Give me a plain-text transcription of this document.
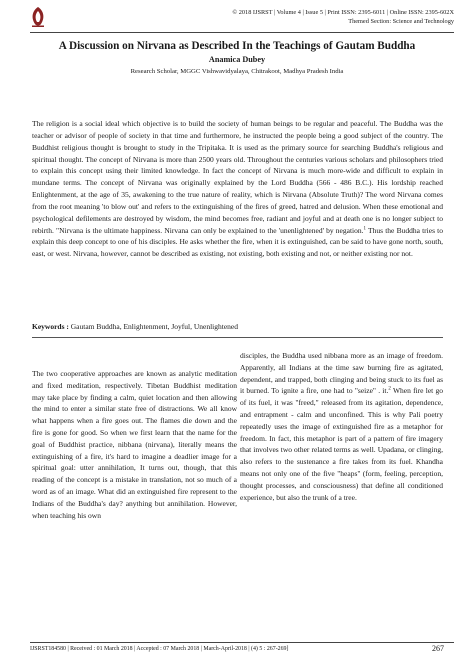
© 2018 IJSRST | Volume 4 | Issue 5 | Print ISSN: 2395-6011 | Online ISSN: 2395-602X
Themed Section: Science and Technology
A Discussion on Nirvana as Described In the Teachings of Gautam Buddha
Anamica Dubey
Research Scholar, MGGC Vishwavidyalaya, Chitrakoot, Madhya Pradesh India
The religion is a social ideal which objective is to build the society of human beings to be regular and peaceful. The Buddha was the teacher or advisor of people of society in that time and furthermore, he instructed the people being a good subject of the country. The Buddhist religious thought is brought to study in the Tripitaka. It is used as the primary source for searching Buddha's religious and spiritual thought. The concept of Nirvana is more than 2500 years old. Throughout the centuries various scholars and philosophers tried to explain this concept using their limited knowledge. In fact the concept of Nirvana is much more-wide and difficult to explain in mundane terms. The concept of Nirvana was originally explained by the Lord Buddha (566 - 486 B.C.). His lordship reached Enlightenment, at the age of 35, awakening to the true nature of reality, which is Nirvana (Absolute Truth)? The word Nirvana comes from the root meaning 'to blow out' and refers to the extinguishing of the fires of greed, hatred and delusion. When these emotional and psychological defilements are destroyed by wisdom, the mind becomes free, radiant and joyful and at death one is no longer subject to rebirth. "Nirvana is the ultimate happiness. Nirvana can only be explained to the 'unenlightened' by negation.$^1$ Thus the Buddha tries to explain this deep concept to one of his disciples. He asks whether the fire, when it is extinguished, can be said to have gone north, south, east, or west. Nirvana, however, cannot be described as existing, not existing, both existing and not, or neither existing nor not.
Keywords : Gautam Buddha, Enlightenment, Joyful, Unenlightened

The two cooperative approaches are known as analytic meditation and fixed meditation, respectively. Tibetan Buddhist meditation may take place by finding a calm, quiet location and then allowing the mind to enter a similar state free of distractions. We all know what happens when a fire goes out. The flames die down and the fire is gone for good. So when we first learn that the name for the goal of Buddhist practice, nibbana (nirvana), literally means the extinguishing of a fire, it's hard to imagine a deadlier image for a spiritual goal: utter annihilation, It turns out, though, that this reading of the concept is a mistake in translation, not so much of a word as of an image. What did an extinguished fire represent to the Indians of the Buddha's day? anything but annihilation. However, when teaching his own

disciples, the Buddha used nibbana more as an image of freedom. Apparently, all Indians at the time saw burning fire as agitated, dependent, and trapped, both clinging and being stuck to its fuel as it burned. To ignite a fire, one had to "seize" . it.$^2$ When fire let go of its fuel, it was "freed," released from its agitation, dependence, and entrapment - calm and unconfined. This is why Pali poetry repeatedly uses the image of extinguished fire as a metaphor for freedom. In fact, this metaphor is part of a pattern of fire imagery that involves two other related terms as well. Upadana, or clinging, also refers to the sustenance a fire takes from its fuel. Khandha means not only one of the five "heaps" (form, feeling, perception, thought processes, and consciousness) that define all conditioned experience, but also the trunk of a tree.

IJSRST184580 | Received : 01 March 2018 | Accepted : 07 March 2018 | March-April-2018 | (4) 5 : 267-269]	267
